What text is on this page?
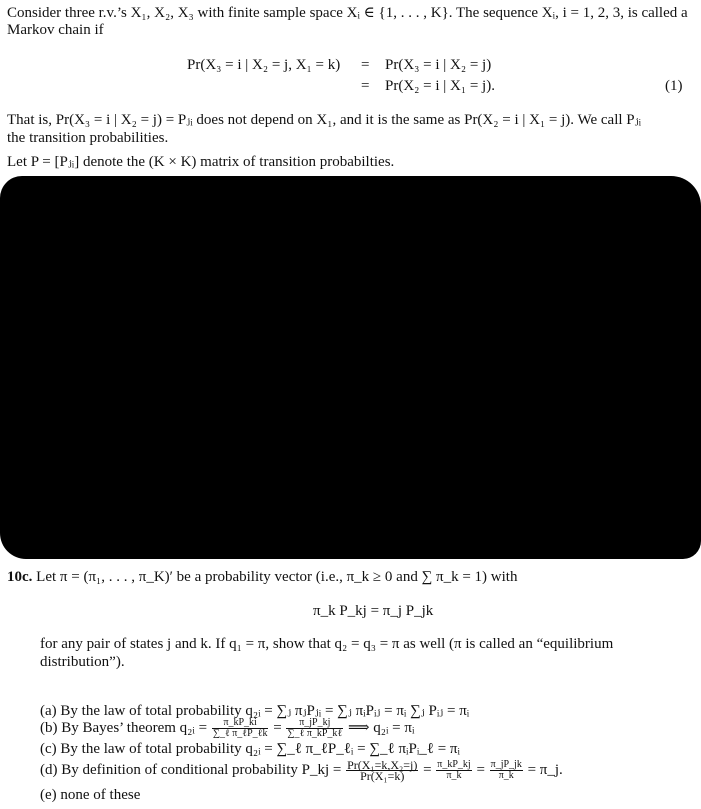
Consider three r.v.’s X₁, X₂, X₃ with finite sample space Xᵢ ∈ {1, . . . , K}. The sequence Xᵢ, i = 1, 2, 3, is called a
Markov chain if
Pr(X₃ = i | X₂ = j, X₁ = k) = Pr(X₃ = i | X₂ = j)
= Pr(X₂ = i | X₁ = j).	(1)
That is, Pr(X₃ = i | X₂ = j) = Pⱼᵢ does not depend on X₁, and it is the same as Pr(X₂ = i | X₁ = j). We call Pⱼᵢ
the transition probabilities.
Let P = [Pⱼᵢ] denote the (K × K) matrix of transition probabilties.
10c. Let π = (π₁, . . . , π_K)′ be a probability vector (i.e., π_k ≥ 0 and ∑ π_k = 1) with
π_k P_kj = π_j P_jk
for any pair of states j and k. If q₁ = π, show that q₂ = q₃ = π as well (π is called an “equilibrium
distribution”).
(a) By the law of total probability q₂ᵢ = ∑ⱼ πⱼPⱼᵢ = ∑ⱼ πᵢPᵢⱼ = πᵢ ∑ⱼ Pᵢⱼ = πᵢ
(b) By Bayes’ theorem q₂ᵢ = $\frac{\pi\_kP\_ki}{\text{∑\_ℓ π\_ℓP\_ℓk}} = \frac{\pi\_jP\_kj}{\text{∑\_ℓ π\_kP\_kℓ}}$ ⟹ q₂ᵢ = πᵢ
(c) By the law of total probability q₂ᵢ = ∑_ℓ π_ℓP_ℓᵢ = ∑_ℓ πᵢPᵢ_ℓ = πᵢ
(d) By definition of conditional probability P_kj = $\frac{\text{Pr(X₁=k,X₂=j)}}{\text{Pr(X₁=k)}} = \frac{\pi\_kP\_kj}{\pi\_k} = \frac{\pi\_jP\_jk}{\pi\_k}$ = π_j.
(e) none of these
